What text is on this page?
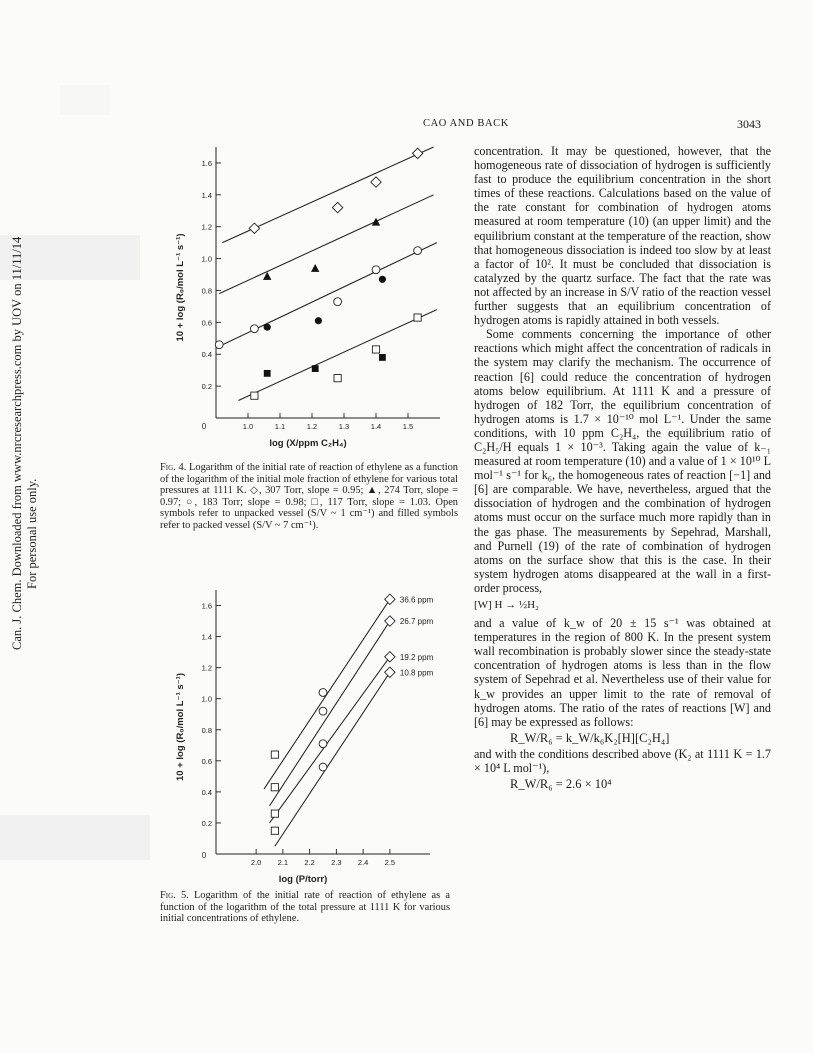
CAO AND BACK	3043
Can. J. Chem. Downloaded from www.nrcresearchpress.com by UOV on 11/11/14 For personal use only.
0.2
0.4
0.6
0.8
1.0
1.2
1.4
1.6
1.0	1.1	1.2	1.3	1.4	1.5
0
log (X/ppm C₂H₄)
10 + log (R₀/mol L⁻¹ s⁻¹)
Fig. 4. Logarithm of the initial rate of reaction of ethylene as a function of the logarithm of the initial mole fraction of ethylene for various total pressures at 1111 K. ◇, 307 Torr, slope = 0.95; ▲, 274 Torr, slope = 0.97; ○, 183 Torr; slope = 0.98; □, 117 Torr, slope = 1.03. Open symbols refer to unpacked vessel (S/V ~ 1 cm⁻¹) and filled symbols refer to packed vessel (S/V ~ 7 cm⁻¹).
0.2
0.4
0.6
0.8
1.0
1.2
1.4
1.6
2.0 2.1 2.2 2.3 2.4 2.5
0
log (P/torr)
10 + log (R₀/mol L⁻¹ s⁻¹)
36.6 ppm
26.7 ppm
19.2 ppm
10.8 ppm
Fig. 5. Logarithm of the initial rate of reaction of ethylene as a function of the logarithm of the total pressure at 1111 K for various initial concentrations of ethylene.

concentration. It may be questioned, however, that the homogeneous rate of dissociation of hydrogen is sufficiently fast to produce the equilibrium concentration in the short times of these reactions. Calculations based on the value of the rate constant for combination of hydrogen atoms measured at room temperature (10) (an upper limit) and the equilibrium constant at the temperature of the reaction, show that homogeneous dissociation is indeed too slow by at least a factor of 10². It must be concluded that dissociation is catalyzed by the quartz surface. The fact that the rate was not affected by an increase in S/V ratio of the reaction vessel further suggests that an equilibrium concentration of hydrogen atoms is rapidly attained in both vessels.

Some comments concerning the importance of other reactions which might affect the concentration of radicals in the system may clarify the mechanism. The occurrence of reaction [6] could reduce the concentration of hydrogen atoms below equilibrium. At 1111 K and a pressure of hydrogen of 182 Torr, the equilibrium concentration of hydrogen atoms is 1.7 × 10⁻¹⁰ mol L⁻¹. Under the same conditions, with 10 ppm C₂H₄, the equilibrium ratio of C₂H₅/H equals 1 × 10⁻³. Taking again the value of k₋₁ measured at room temperature (10) and a value of 1 × 10¹⁰ L mol⁻¹ s⁻¹ for k₆, the homogeneous rates of reaction [−1] and [6] are comparable. We have, nevertheless, argued that the dissociation of hydrogen and the combination of hydrogen atoms must occur on the surface much more rapidly than in the gas phase. The measurements by Sepehrad, Marshall, and Purnell (19) of the rate of combination of hydrogen atoms on the surface show that this is the case. In their system hydrogen atoms disappeared at the wall in a first-order process,

[W] H → ½H₂

and a value of k_w of 20 ± 15 s⁻¹ was obtained at temperatures in the region of 800 K. In the present system wall recombination is probably slower since the steady-state concentration of hydrogen atoms is less than in the flow system of Sepehrad et al. Nevertheless use of their value for k_w provides an upper limit to the rate of removal of hydrogen atoms. The ratio of the rates of reactions [W] and [6] may be expressed as follows:

R_W/R₆ = k_W/k₆K₂[H][C₂H₄]

and with the conditions described above (K₂ at 1111 K = 1.7 × 10⁴ L mol⁻¹),

R_W/R₆ = 2.6 × 10⁴
